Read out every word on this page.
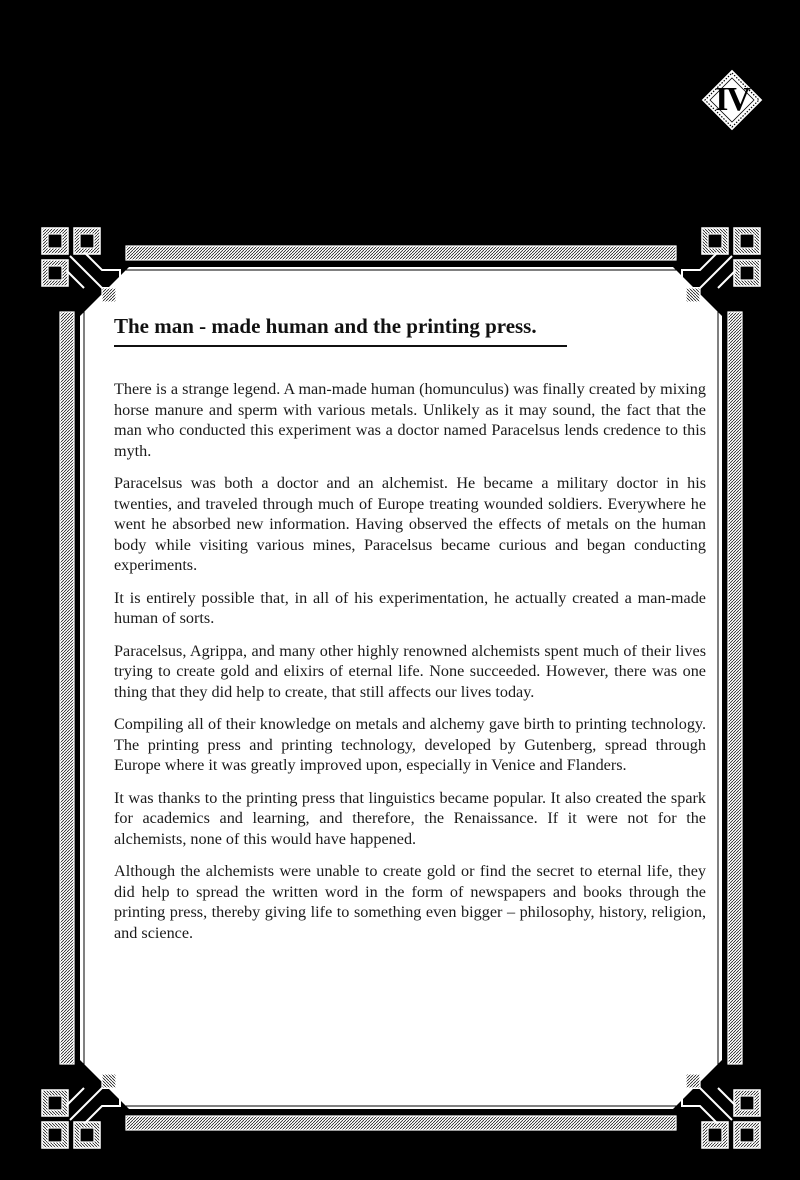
IV
The man - made human and the printing press.

There is a strange legend. A man-made human (homunculus) was finally created by mixing horse manure and sperm with various metals. Unlikely as it may sound, the fact that the man who conducted this experiment was a doctor named Paracelsus lends credence to this myth.

Paracelsus was both a doctor and an alchemist. He became a military doctor in his twenties, and traveled through much of Europe treating wounded soldiers. Everywhere he went he absorbed new information. Having observed the effects of metals on the human body while visiting various mines, Paracelsus became curious and began conducting experiments.

It is entirely possible that, in all of his experimentation, he actually created a man-made human of sorts.

Paracelsus, Agrippa, and many other highly renowned alchemists spent much of their lives trying to create gold and elixirs of eternal life. None succeeded. However, there was one thing that they did help to create, that still affects our lives today.

Compiling all of their knowledge on metals and alchemy gave birth to printing technology. The printing press and printing technology, developed by Gutenberg, spread through Europe where it was greatly improved upon, especially in Venice and Flanders.

It was thanks to the printing press that linguistics became popular. It also created the spark for academics and learning, and therefore, the Renaissance. If it were not for the alchemists, none of this would have happened.

Although the alchemists were unable to create gold or find the secret to eternal life, they did help to spread the written word in the form of newspapers and books through the printing press, thereby giving life to something even bigger – philosophy, history, religion, and science.
